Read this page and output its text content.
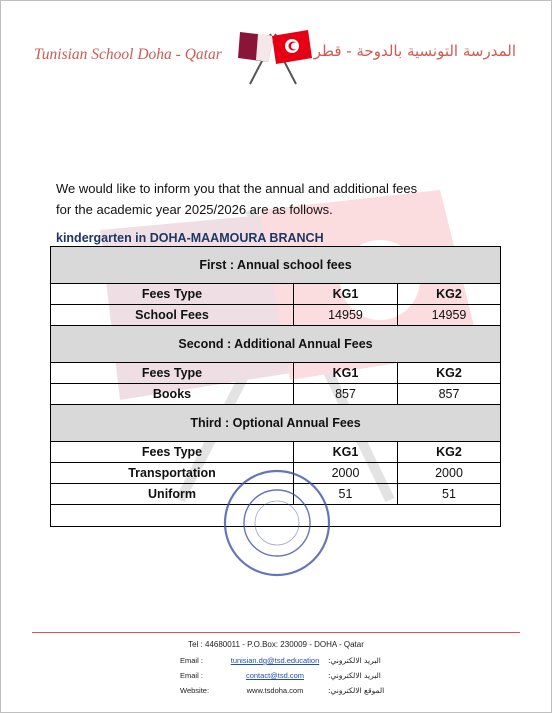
Tunisian School Doha - Qatar	المدرسة التونسية بالدوحة - قطر
We would like to inform you that the annual and additional fees
for the academic year 2025/2026 are as follows.
kindergarten in DOHA-MAAMOURA BRANCH
First : Annual school fees		
Fees Type	KG1	KG2
School Fees	14959	14959
Second : Additional Annual Fees		
Fees Type	KG1	KG2
Books	857	857
Third : Optional Annual Fees		
Fees Type	KG1	KG2
Transportation	2000	2000
Uniform	51	51

Tel : 44680011 - P.O.Box: 230009 - DOHA - Qatar
Email :	tunisian.dg@tsd.education	البريد الالكتروني:
Email :	contact@tsd.com	البريد الالكتروني:
Website:	www.tsdoha.com	الموقع الالكتروني:
